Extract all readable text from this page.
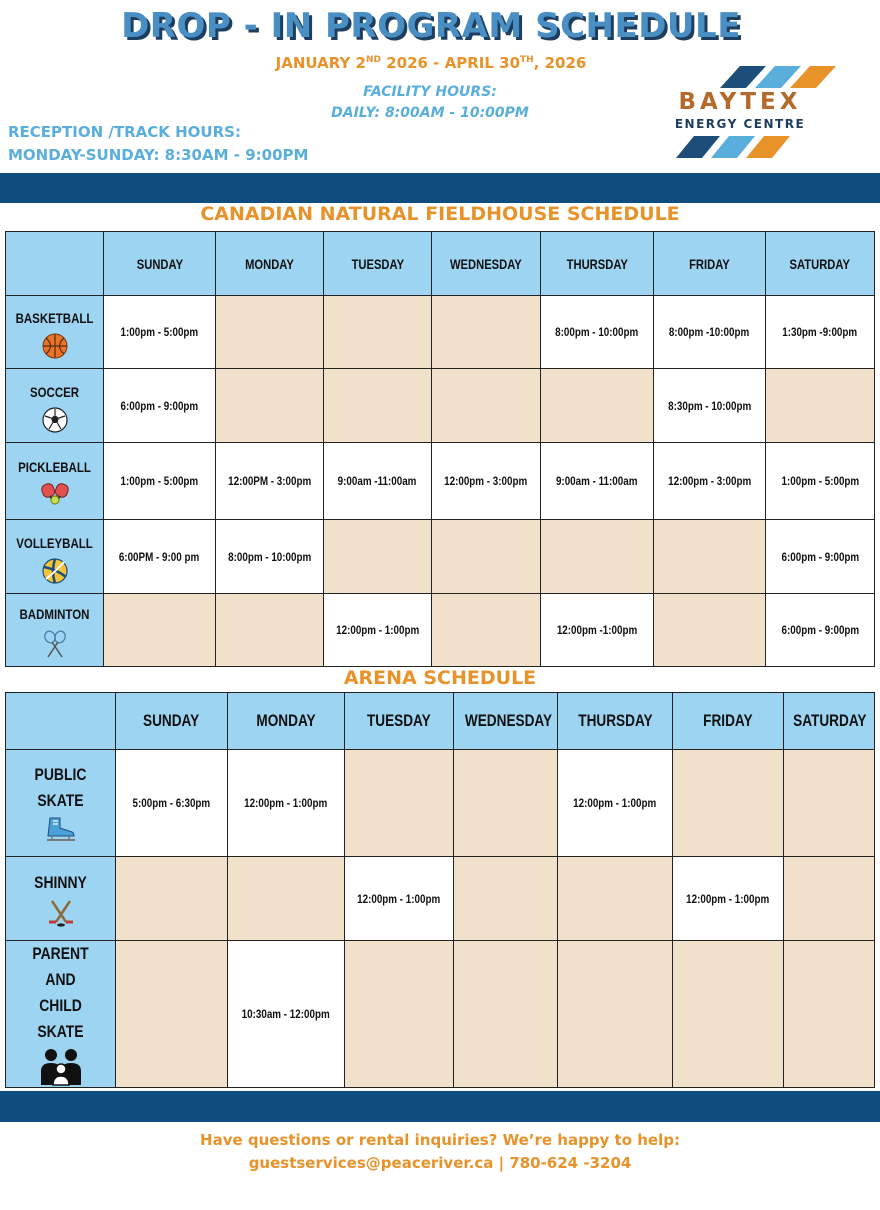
DROP - IN PROGRAM SCHEDULE
JANUARY 2ND 2026 - APRIL 30TH, 2026
FACILITY HOURS:
DAILY: 8:00AM - 10:00PM
RECEPTION /TRACK HOURS:
MONDAY-SUNDAY: 8:30AM - 9:00PM
BAYTEX
ENERGY CENTRE
CANADIAN NATURAL FIELDHOUSE SCHEDULE
	SUNDAY	MONDAY	TUESDAY	WEDNESDAY	THURSDAY	FRIDAY	SATURDAY

BASKETBALL	1:00pm - 5:00pm				8:00pm - 10:00pm	8:00pm -10:00pm	1:30pm -9:00pm

SOCCER	6:00pm - 9:00pm					8:30pm - 10:00pm	

PICKLEBALL	1:00pm - 5:00pm	12:00PM - 3:00pm	9:00am -11:00am	12:00pm - 3:00pm	9:00am - 11:00am	12:00pm - 3:00pm	1:00pm - 5:00pm

VOLLEYBALL	6:00PM - 9:00 pm	8:00pm - 10:00pm					6:00pm - 9:00pm

BADMINTON			12:00pm - 1:00pm		12:00pm -1:00pm		6:00pm - 9:00pm
ARENA SCHEDULE
	SUNDAY	MONDAY	TUESDAY	WEDNESDAY	THURSDAY	FRIDAY	SATURDAY

PUBLIC
SKATE	5:00pm - 6:30pm	12:00pm - 1:00pm			12:00pm - 1:00pm		

SHINNY			12:00pm - 1:00pm			12:00pm - 1:00pm	

PARENT AND
CHILD SKATE		10:30am - 12:00pm					
Have questions or rental inquiries? We’re happy to help:
guestservices@peaceriver.ca | 780-624 -3204
